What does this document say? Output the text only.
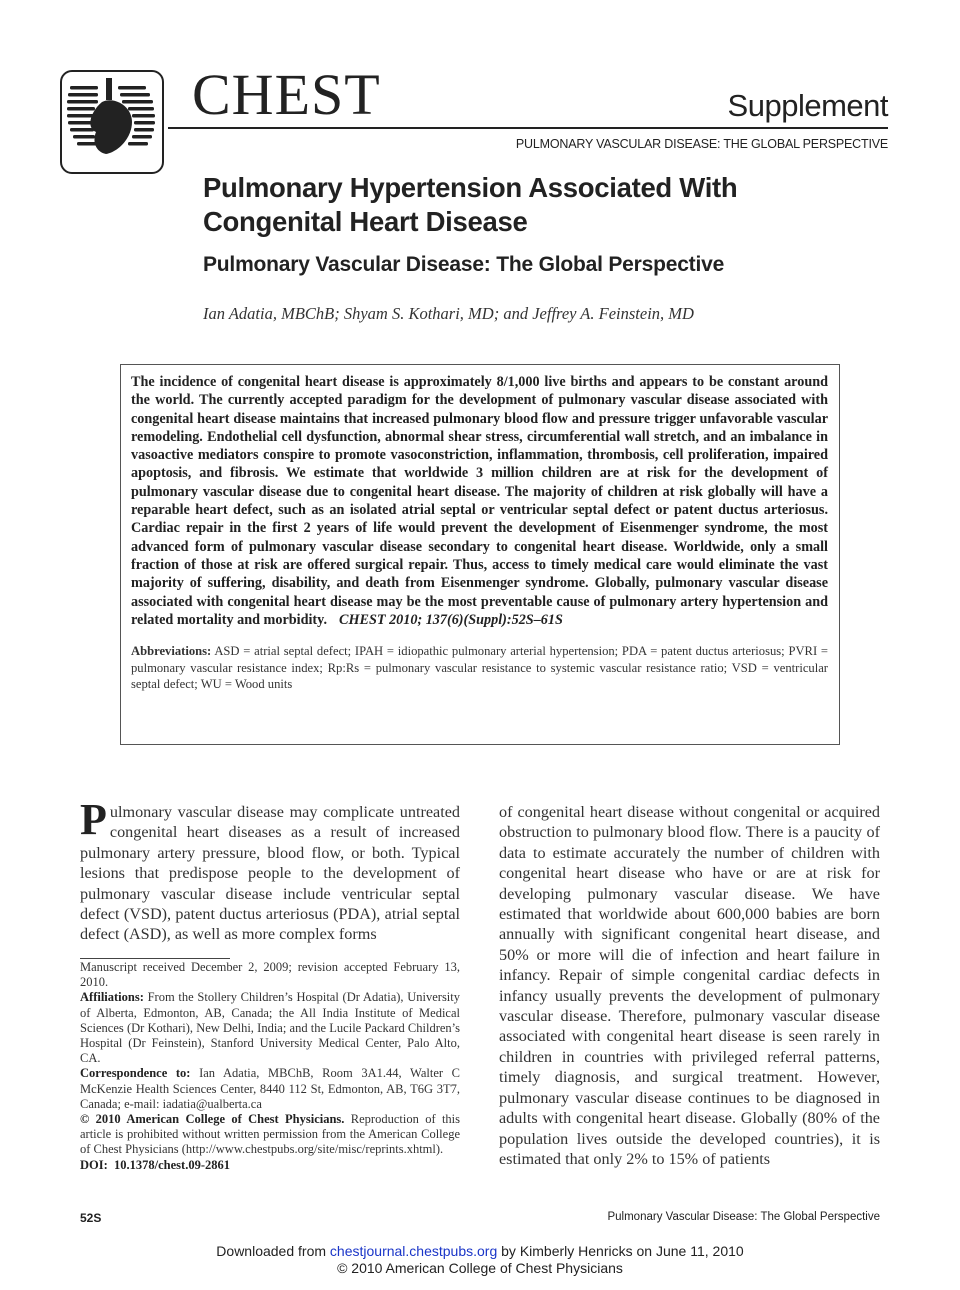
CHEST	Supplement
PULMONARY VASCULAR DISEASE: THE GLOBAL PERSPECTIVE
Pulmonary Hypertension Associated With
Congenital Heart Disease
Pulmonary Vascular Disease: The Global Perspective
Ian Adatia, MBChB; Shyam S. Kothari, MD; and Jeffrey A. Feinstein, MD

The incidence of congenital heart disease is approximately 8/1,000 live births and appears to be constant around the world. The currently accepted paradigm for the development of pulmonary vascular disease associated with congenital heart disease maintains that increased pulmonary blood flow and pressure trigger unfavorable vascular remodeling. Endothelial cell dysfunction, abnormal shear stress, circumferential wall stretch, and an imbalance in vasoactive mediators conspire to promote vasoconstriction, inflammation, thrombosis, cell proliferation, impaired apoptosis, and fibrosis. We estimate that worldwide 3 million children are at risk for the development of pulmonary vascular disease due to congenital heart disease. The majority of children at risk globally will have a reparable heart defect, such as an isolated atrial septal or ventricular septal defect or patent ductus arteriosus. Cardiac repair in the first 2 years of life would prevent the development of Eisenmenger syndrome, the most advanced form of pulmonary vascular disease secondary to congenital heart disease. Worldwide, only a small fraction of those at risk are offered surgical repair. Thus, access to timely medical care would eliminate the vast majority of suffering, disability, and death from Eisenmenger syndrome. Globally, pulmonary vascular disease associated with congenital heart disease may be the most preventable cause of pulmonary artery hypertension and related mortality and morbidity. CHEST 2010; 137(6)(Suppl):52S–61S

Abbreviations: ASD = atrial septal defect; IPAH = idiopathic pulmonary arterial hypertension; PDA = patent ductus arteriosus; PVRI = pulmonary vascular resistance index; Rp:Rs = pulmonary vascular resistance to systemic vascular resistance ratio; VSD = ventricular septal defect; WU = Wood units

Pulmonary vascular disease may complicate untreated congenital heart diseases as a result of increased pulmonary artery pressure, blood flow, or both. Typical lesions that predispose people to the development of pulmonary vascular disease include ventricular septal defect (VSD), patent ductus arteriosus (PDA), atrial septal defect (ASD), as well as more complex forms

of congenital heart disease without congenital or acquired obstruction to pulmonary blood flow. There is a paucity of data to estimate accurately the number of children with congenital heart disease who have or are at risk for developing pulmonary vascular disease. We have estimated that worldwide about 600,000 babies are born annually with significant congenital heart disease, and 50% or more will die of infection and heart failure in infancy. Repair of simple congenital cardiac defects in infancy usually prevents the development of pulmonary vascular disease. Therefore, pulmonary vascular disease associated with congenital heart disease is seen rarely in children in countries with privileged referral patterns, timely diagnosis, and surgical treatment. However, pulmonary vascular disease continues to be diagnosed in adults with congenital heart disease. Globally (80% of the population lives outside the developed countries), it is estimated that only 2% to 15% of patients

Manuscript received December 2, 2009; revision accepted February 13, 2010.

Affiliations: From the Stollery Children’s Hospital (Dr Adatia), University of Alberta, Edmonton, AB, Canada; the All India Institute of Medical Sciences (Dr Kothari), New Delhi, India; and the Lucile Packard Children’s Hospital (Dr Feinstein), Stanford University Medical Center, Palo Alto, CA.

Correspondence to: Ian Adatia, MBChB, Room 3A1.44, Walter C McKenzie Health Sciences Center, 8440 112 St, Edmonton, AB, T6G 3T7, Canada; e-mail: iadatia@ualberta.ca

© 2010 American College of Chest Physicians. Reproduction of this article is prohibited without written permission from the American College of Chest Physicians (http://www.chestpubs.org/site/misc/reprints.xhtml).

DOI: 10.1378/chest.09-2861

52S	Pulmonary Vascular Disease: The Global Perspective
Downloaded from chestjournal.chestpubs.org by Kimberly Henricks on June 11, 2010
© 2010 American College of Chest Physicians
